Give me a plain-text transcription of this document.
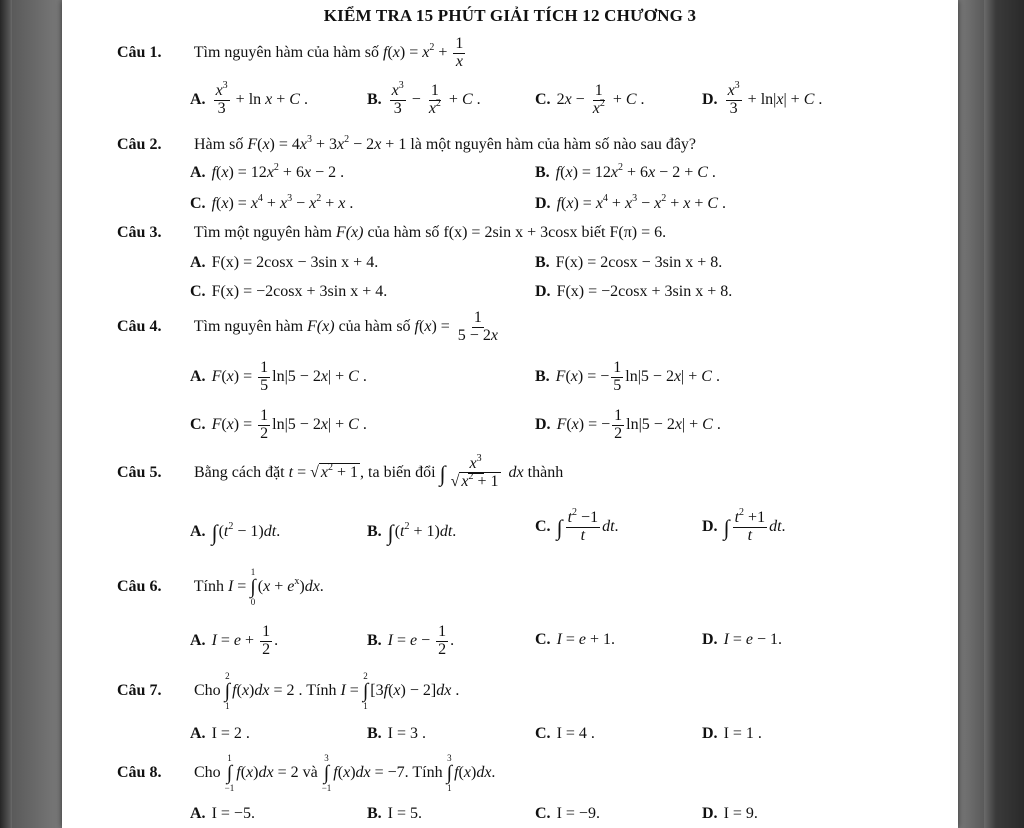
KIỂM TRA 15 PHÚT GIẢI TÍCH 12 CHƯƠNG 3
Câu 1. Tìm nguyên hàm của hàm số $f(x) = x^2 + \frac{1}{x}$
A. $\frac{x^3}{3} + \ln x + C$ .	B. $\frac{x^3}{3} - \frac{1}{x^2} + C$ .	C. $2x - \frac{1}{x^2} + C$ .	D. $\frac{x^3}{3} + \ln|x| + C$ .
Câu 2. Hàm số $F(x) = 4x^3 + 3x^2 - 2x + 1$ là một nguyên hàm của hàm số nào sau đây?
A. $f(x) = 12x^2 + 6x - 2$ .	B. $f(x) = 12x^2 + 6x - 2 + C$ .
C. $f(x) = x^4 + x^3 - x^2 + x$ .	D. $f(x) = x^4 + x^3 - x^2 + x + C$ .
Câu 3. Tìm một nguyên hàm F(x) của hàm số f(x) = 2sin x + 3cosx biết F(π) = 6.
A. F(x) = 2cosx − 3sin x + 4.	B. F(x) = 2cosx − 3sin x + 8.
C. F(x) = −2cosx + 3sin x + 4.	D. F(x) = −2cosx + 3sin x + 8.
Câu 4. Tìm nguyên hàm F(x) của hàm số $f(x) = \frac{1}{5 - 2x}$
A. $F(x) = \frac{1}{5} \ln|5 - 2x| + C$ .	B. F(x) = − $\frac{1}{5} \ln|5 - 2x| + C$ .
C. $F(x) = \frac{1}{2} \ln|5 - 2x| + C$ .	D. F(x) = − $\frac{1}{2} \ln|5 - 2x| + C$ .
Câu 5. Bằng cách đặt t = √ $x^2 + 1$ , ta biến đổi ∫ $\frac{x^3}{√ x^2 + 1}$ dx thành
A. $\int(t^2 - 1)dt$.	B. $\int(t^2 + 1)dt$.	C. ∫ $\frac{t^2 -1}{t}$ dt.	D. ∫ $\frac{t^2 +1}{t}$ dt.
Câu 6. Tính I =
1
∫
0
$(x + e^x)dx$.
A. $I = e + \frac{1}{2}$ .	B. $I = e - \frac{1}{2}$ .	C. I = e + 1.	D. I = e − 1.
Câu 7. Cho
2
∫
1
f(x)dx = 2 . Tính I =
2
∫
1
[3f(x) − 2]dx .
A. I = 2 .	B. I = 3 .	C. I = 4 .	D. I = 1 .
Câu 8. Cho
1
∫
−1
f(x)dx = 2 và
3
∫
−1
f(x)dx = −7. Tính
3
∫
1
f(x)dx.
A. I = −5.	B. I = 5.	C. I = −9.	D. I = 9.
